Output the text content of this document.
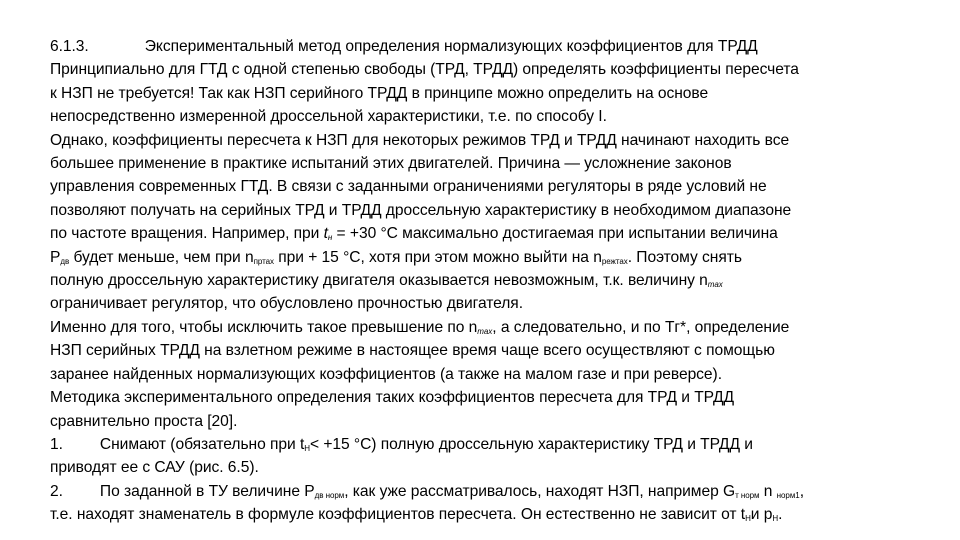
6.1.3.	Экспериментальный метод определения нормализующих коэффициентов для ТРДД
Принципиально для ГТД с одной степенью свободы (ТРД, ТРДД) определять коэффициенты пересчета
к НЗП не требуется! Так как НЗП серийного ТРДД в принципе можно определить на основе
непосредственно измеренной дроссельной характеристики, т.е. по способу I.
Однако, коэффициенты пересчета к НЗП для некоторых режимов ТРД и ТРДД начинают находить все
большее применение в практике испытаний этих двигателей. Причина — усложнение законов
управления современных ГТД. В связи с заданными ограничениями регуляторы в ряде условий не
позволяют получать на серийных ТРД и ТРДД дроссельную характеристику в необходимом диапазоне
по частоте вращения. Например, при $t_н = +30$ °С максимально достигаемая при испытании величина
$P_{дв}$ будет меньше, чем при $n_{пртах}$ при + 15 °С, хотя при этом можно выйти на $n_{режтах}$. Поэтому снять
полную дроссельную характеристику двигателя оказывается невозможным, т.к. величину $n_{max}$
ограничивает регулятор, что обусловлено прочностью двигателя.
Именно для того, чтобы исключить такое превышение по $n_{max}$, а следовательно, и по Тг*, определение
НЗП серийных ТРДД на взлетном режиме в настоящее время чаще всего осуществляют с помощью
заранее найденных нормализующих коэффициентов (а также на малом газе и при реверсе).
Методика экспериментального определения таких коэффициентов пересчета для ТРД и ТРДД
сравнительно проста [20].
1. Снимают (обязательно при $t_H< +15$ °С) полную дроссельную характеристику ТРД и ТРДД и
приводят ее с САУ (рис. 6.5).
2. По заданной в ТУ величине $P_{дв норм}$, как уже рассматривалось, находят НЗП, например $G_{т норм}$ n $_{норм1}$,
т.е. находят знаменатель в формуле коэффициентов пересчета. Он естественно не зависит от $t_Hи$ $p_H$.
